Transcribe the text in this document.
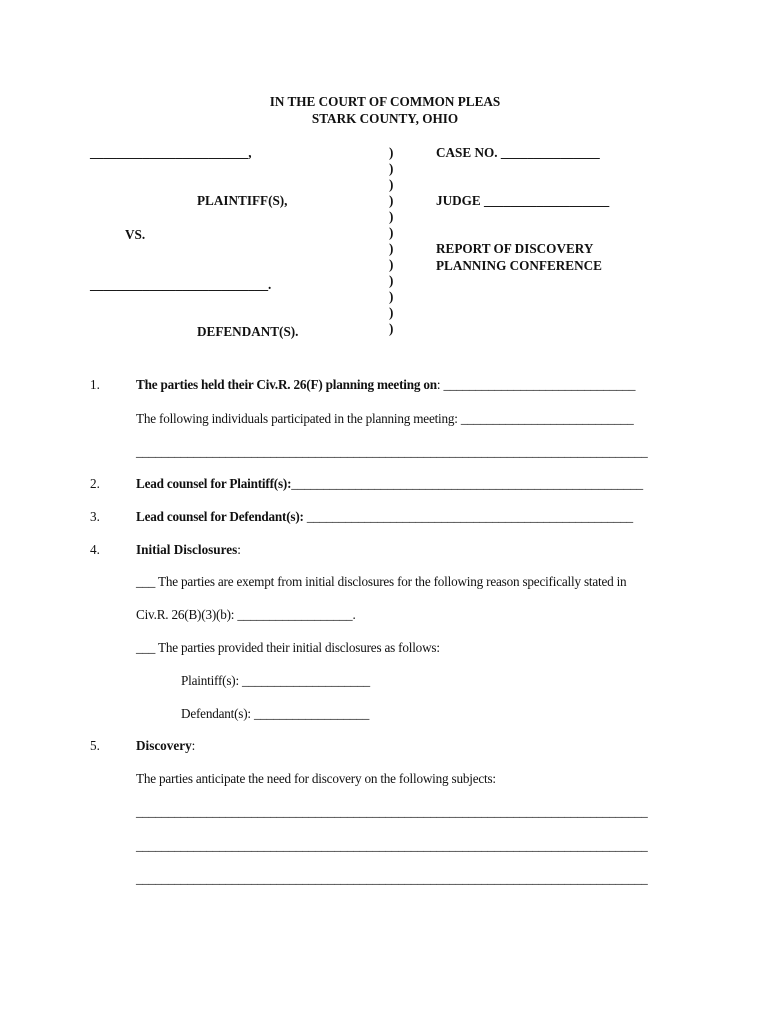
IN THE COURT OF COMMON PLEAS
STARK COUNTY, OHIO
________________________,
PLAINTIFF(S),
VS.
___________________________.
DEFENDANT(S).
)
)
)
)
)
)
)
)
)
)
)
)
CASE NO. _______________
JUDGE ___________________
REPORT OF DISCOVERY
PLANNING CONFERENCE
1.	The parties held their Civ.R. 26(F) planning meeting on: ______________________________
The following individuals participated in the planning meeting: ___________________________
________________________________________________________________________________
2.	Lead counsel for Plaintiff(s):_______________________________________________________
3.	Lead counsel for Defendant(s): ___________________________________________________
4.	Initial Disclosures:
___ The parties are exempt from initial disclosures for the following reason specifically stated in
Civ.R. 26(B)(3)(b): __________________.
___ The parties provided their initial disclosures as follows:
Plaintiff(s): ____________________
Defendant(s): __________________
5.	Discovery:
The parties anticipate the need for discovery on the following subjects:
________________________________________________________________________________
________________________________________________________________________________
________________________________________________________________________________
